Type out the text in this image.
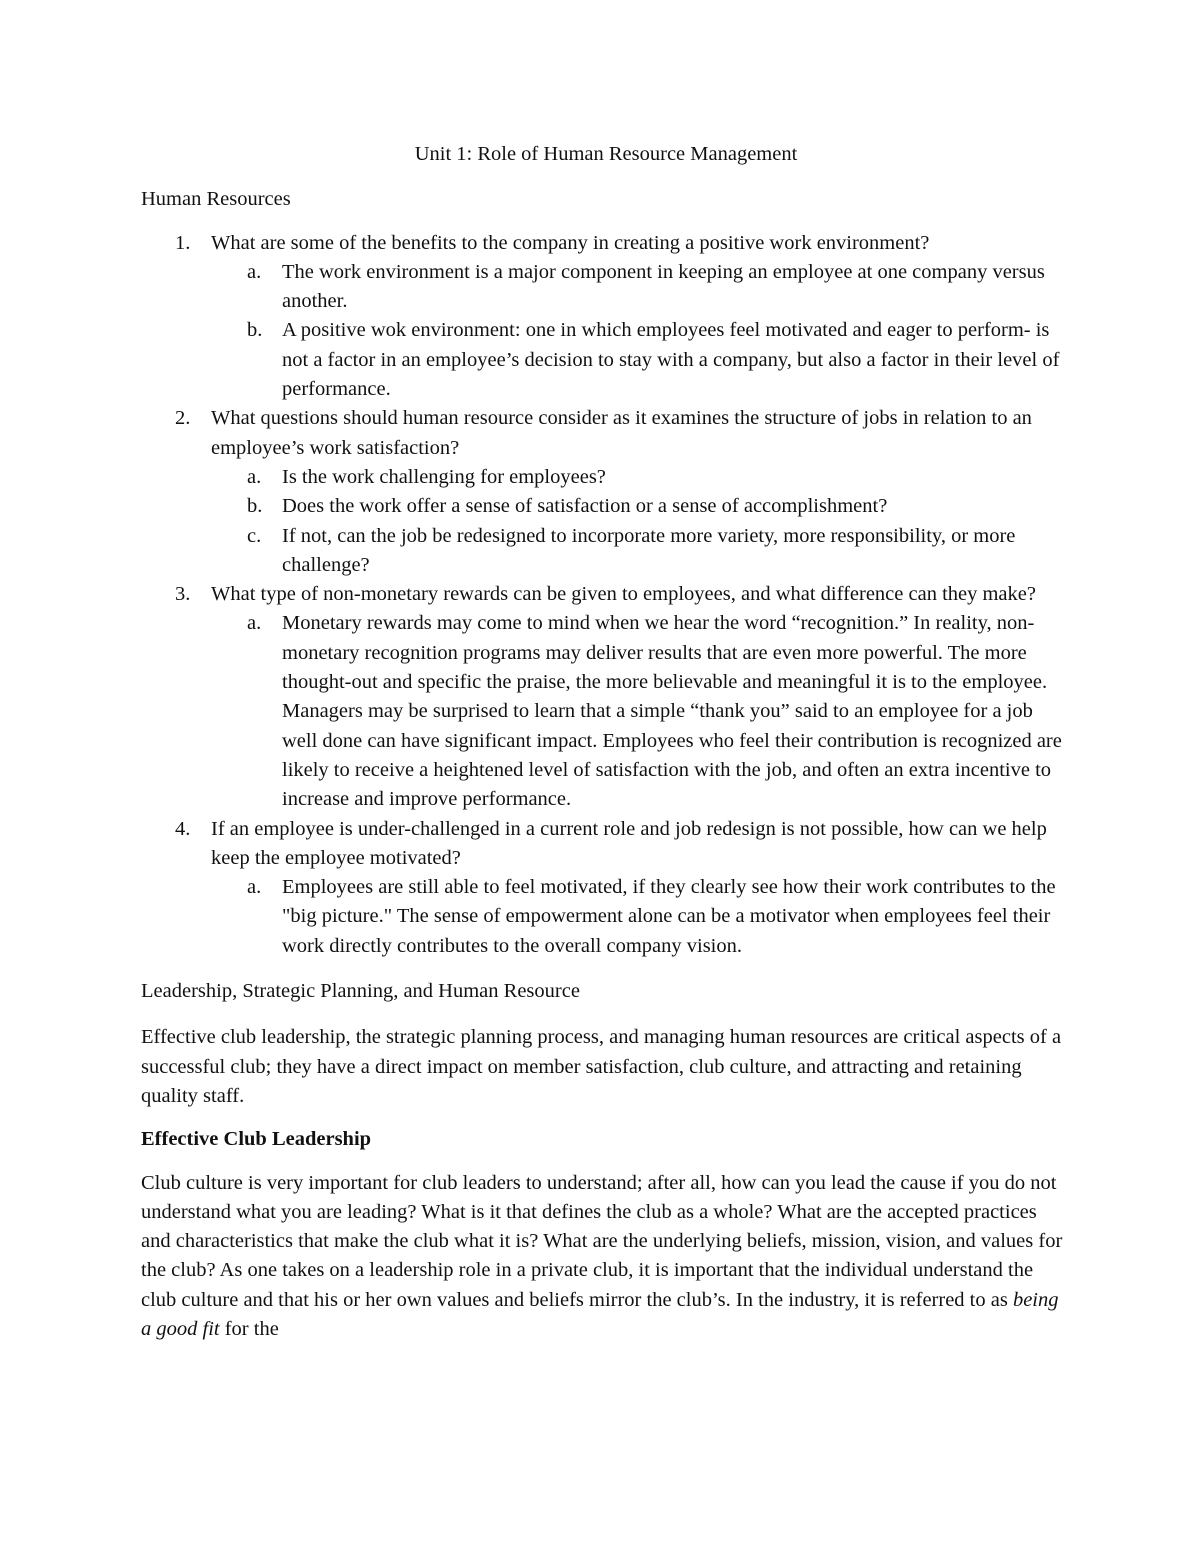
Unit 1: Role of Human Resource Management
Human Resources
1. What are some of the benefits to the company in creating a positive work environment?
a. The work environment is a major component in keeping an employee at one company versus another.
b. A positive wok environment: one in which employees feel motivated and eager to perform- is not a factor in an employee’s decision to stay with a company, but also a factor in their level of performance.
2. What questions should human resource consider as it examines the structure of jobs in relation to an employee’s work satisfaction?
a. Is the work challenging for employees?
b. Does the work offer a sense of satisfaction or a sense of accomplishment?
c. If not, can the job be redesigned to incorporate more variety, more responsibility, or more challenge?
3. What type of non-monetary rewards can be given to employees, and what difference can they make?
a. Monetary rewards may come to mind when we hear the word “recognition.” In reality, non-monetary recognition programs may deliver results that are even more powerful. The more thought-out and specific the praise, the more believable and meaningful it is to the employee. Managers may be surprised to learn that a simple “thank you” said to an employee for a job well done can have significant impact. Employees who feel their contribution is recognized are likely to receive a heightened level of satisfaction with the job, and often an extra incentive to increase and improve performance.
4. If an employee is under-challenged in a current role and job redesign is not possible, how can we help keep the employee motivated?
a. Employees are still able to feel motivated, if they clearly see how their work contributes to the "big picture." The sense of empowerment alone can be a motivator when employees feel their work directly contributes to the overall company vision.
Leadership, Strategic Planning, and Human Resource

Effective club leadership, the strategic planning process, and managing human resources are critical aspects of a successful club; they have a direct impact on member satisfaction, club culture, and attracting and retaining quality staff.

Effective Club Leadership

Club culture is very important for club leaders to understand; after all, how can you lead the cause if you do not understand what you are leading? What is it that defines the club as a whole? What are the accepted practices and characteristics that make the club what it is? What are the underlying beliefs, mission, vision, and values for the club? As one takes on a leadership role in a private club, it is important that the individual understand the club culture and that his or her own values and beliefs mirror the club’s. In the industry, it is referred to as being a good fit for the
